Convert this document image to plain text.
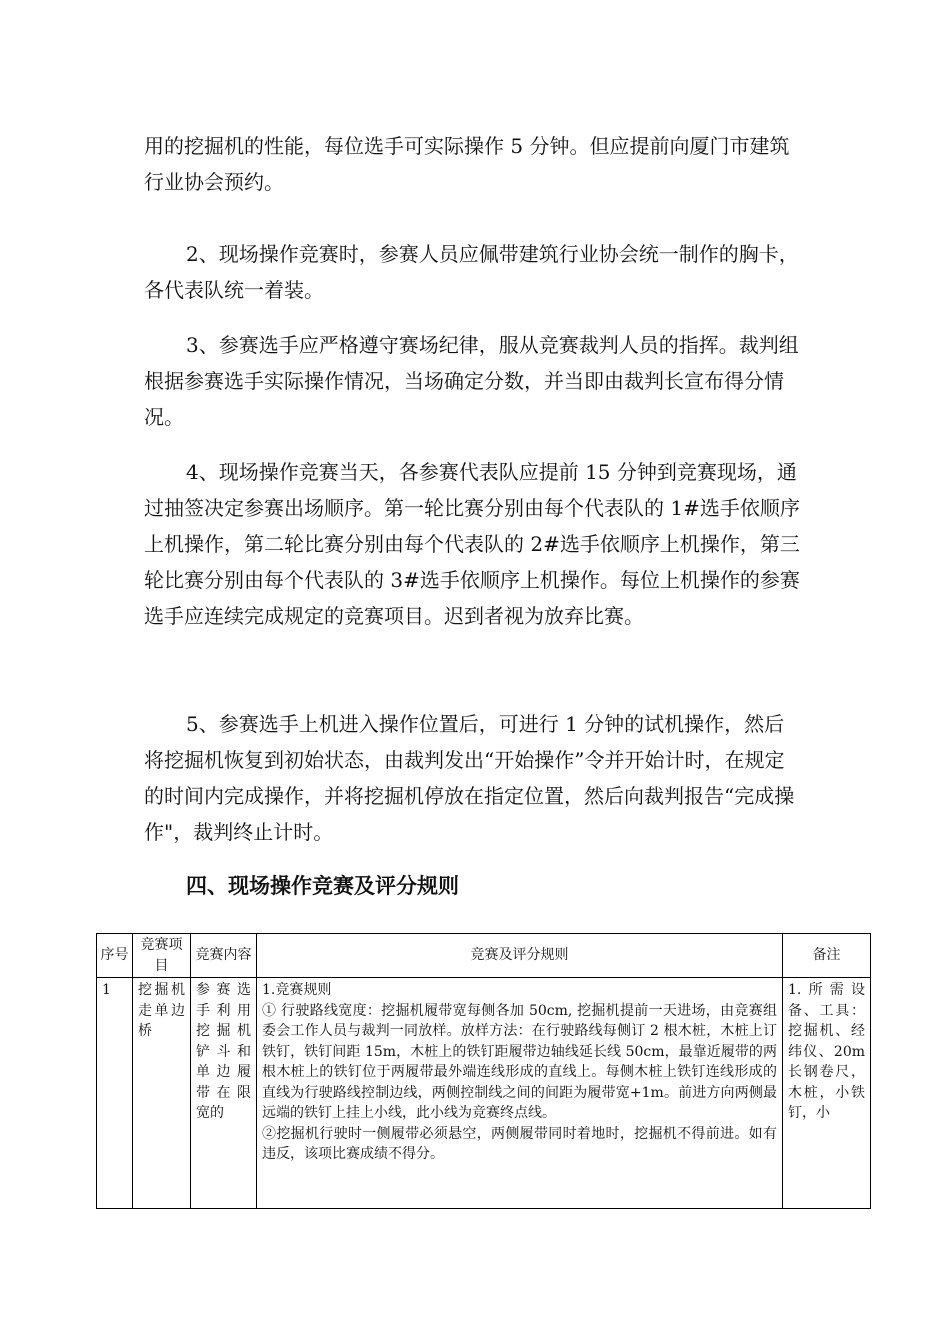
用的挖掘机的性能，每位选手可实际操作 5 分钟。但应提前向厦门市建筑行业协会预约。

2、现场操作竞赛时，参赛人员应佩带建筑行业协会统一制作的胸卡，各代表队统一着装。

3、参赛选手应严格遵守赛场纪律，服从竞赛裁判人员的指挥。裁判组根据参赛选手实际操作情况，当场确定分数，并当即由裁判长宣布得分情况。

4、现场操作竞赛当天，各参赛代表队应提前 15 分钟到竞赛现场，通过抽签决定参赛出场顺序。第一轮比赛分别由每个代表队的 1#选手依顺序上机操作，第二轮比赛分别由每个代表队的 2#选手依顺序上机操作，第三轮比赛分别由每个代表队的 3#选手依顺序上机操作。每位上机操作的参赛选手应连续完成规定的竞赛项目。迟到者视为放弃比赛。

5、参赛选手上机进入操作位置后，可进行 1 分钟的试机操作，然后将挖掘机恢复到初始状态，由裁判发出“开始操作”令并开始计时，在规定的时间内完成操作，并将挖掘机停放在指定位置，然后向裁判报告“完成操作"，裁判终止计时。

四、现场操作竞赛及评分规则
序号	竞赛项目	竞赛内容	竞赛及评分规则	备注

1	挖掘机走单边桥	参赛选手利用挖掘机铲斗和单边履带在限宽的	1.竞赛规则
① 行驶路线宽度：挖掘机履带宽每侧各加 50cm, 挖掘机提前一天进场，由竞赛组委会工作人员与裁判一同放样。放样方法：在行驶路线每侧订 2 根木桩，木桩上订铁钉，铁钉间距 15m，木桩上的铁钉距履带边轴线延长线 50cm，最靠近履带的两根木桩上的铁钉位于两履带最外端连线形成的直线上。每侧木桩上铁钉连线形成的直线为行驶路线控制边线，两侧控制线之间的间距为履带宽+1m。前进方向两侧最远端的铁钉上挂上小线，此小线为竞赛终点线。
②挖掘机行驶时一侧履带必须悬空，两侧履带同时着地时，挖掘机不得前进。如有违反，该项比赛成绩不得分。	1.所需设备、工具：挖掘机、经纬仪、20m 长钢卷尺，木桩，小铁钉，小
